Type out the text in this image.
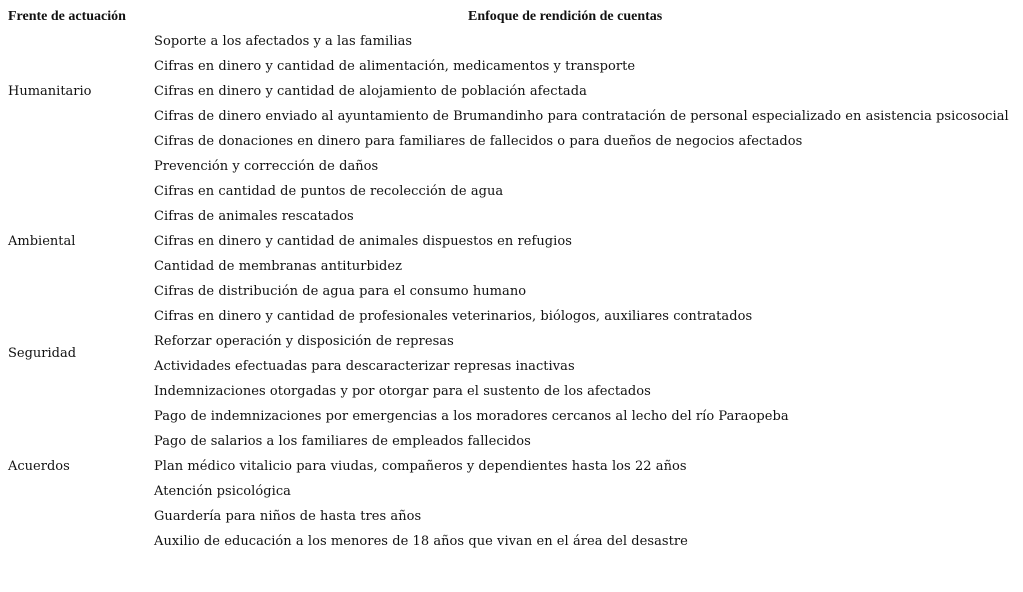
Frente de actuación	Enfoque de rendición de cuentas
Humanitario
Soporte a los afectados y a las familias
Cifras en dinero y cantidad de alimentación, medicamentos y transporte
Cifras en dinero y cantidad de alojamiento de población afectada
Cifras de dinero enviado al ayuntamiento de Brumandinho para contratación de personal especializado en asistencia psicosocial
Cifras de donaciones en dinero para familiares de fallecidos o para dueños de negocios afectados
Ambiental
Prevención y corrección de daños
Cifras en cantidad de puntos de recolección de agua
Cifras de animales rescatados
Cifras en dinero y cantidad de animales dispuestos en refugios
Cantidad de membranas antiturbidez
Cifras de distribución de agua para el consumo humano
Cifras en dinero y cantidad de profesionales veterinarios, biólogos, auxiliares contratados
Seguridad
Reforzar operación y disposición de represas
Actividades efectuadas para descaracterizar represas inactivas
Acuerdos
Indemnizaciones otorgadas y por otorgar para el sustento de los afectados
Pago de indemnizaciones por emergencias a los moradores cercanos al lecho del río Paraopeba
Pago de salarios a los familiares de empleados fallecidos
Plan médico vitalicio para viudas, compañeros y dependientes hasta los 22 años
Atención psicológica
Guardería para niños de hasta tres años
Auxilio de educación a los menores de 18 años que vivan en el área del desastre
